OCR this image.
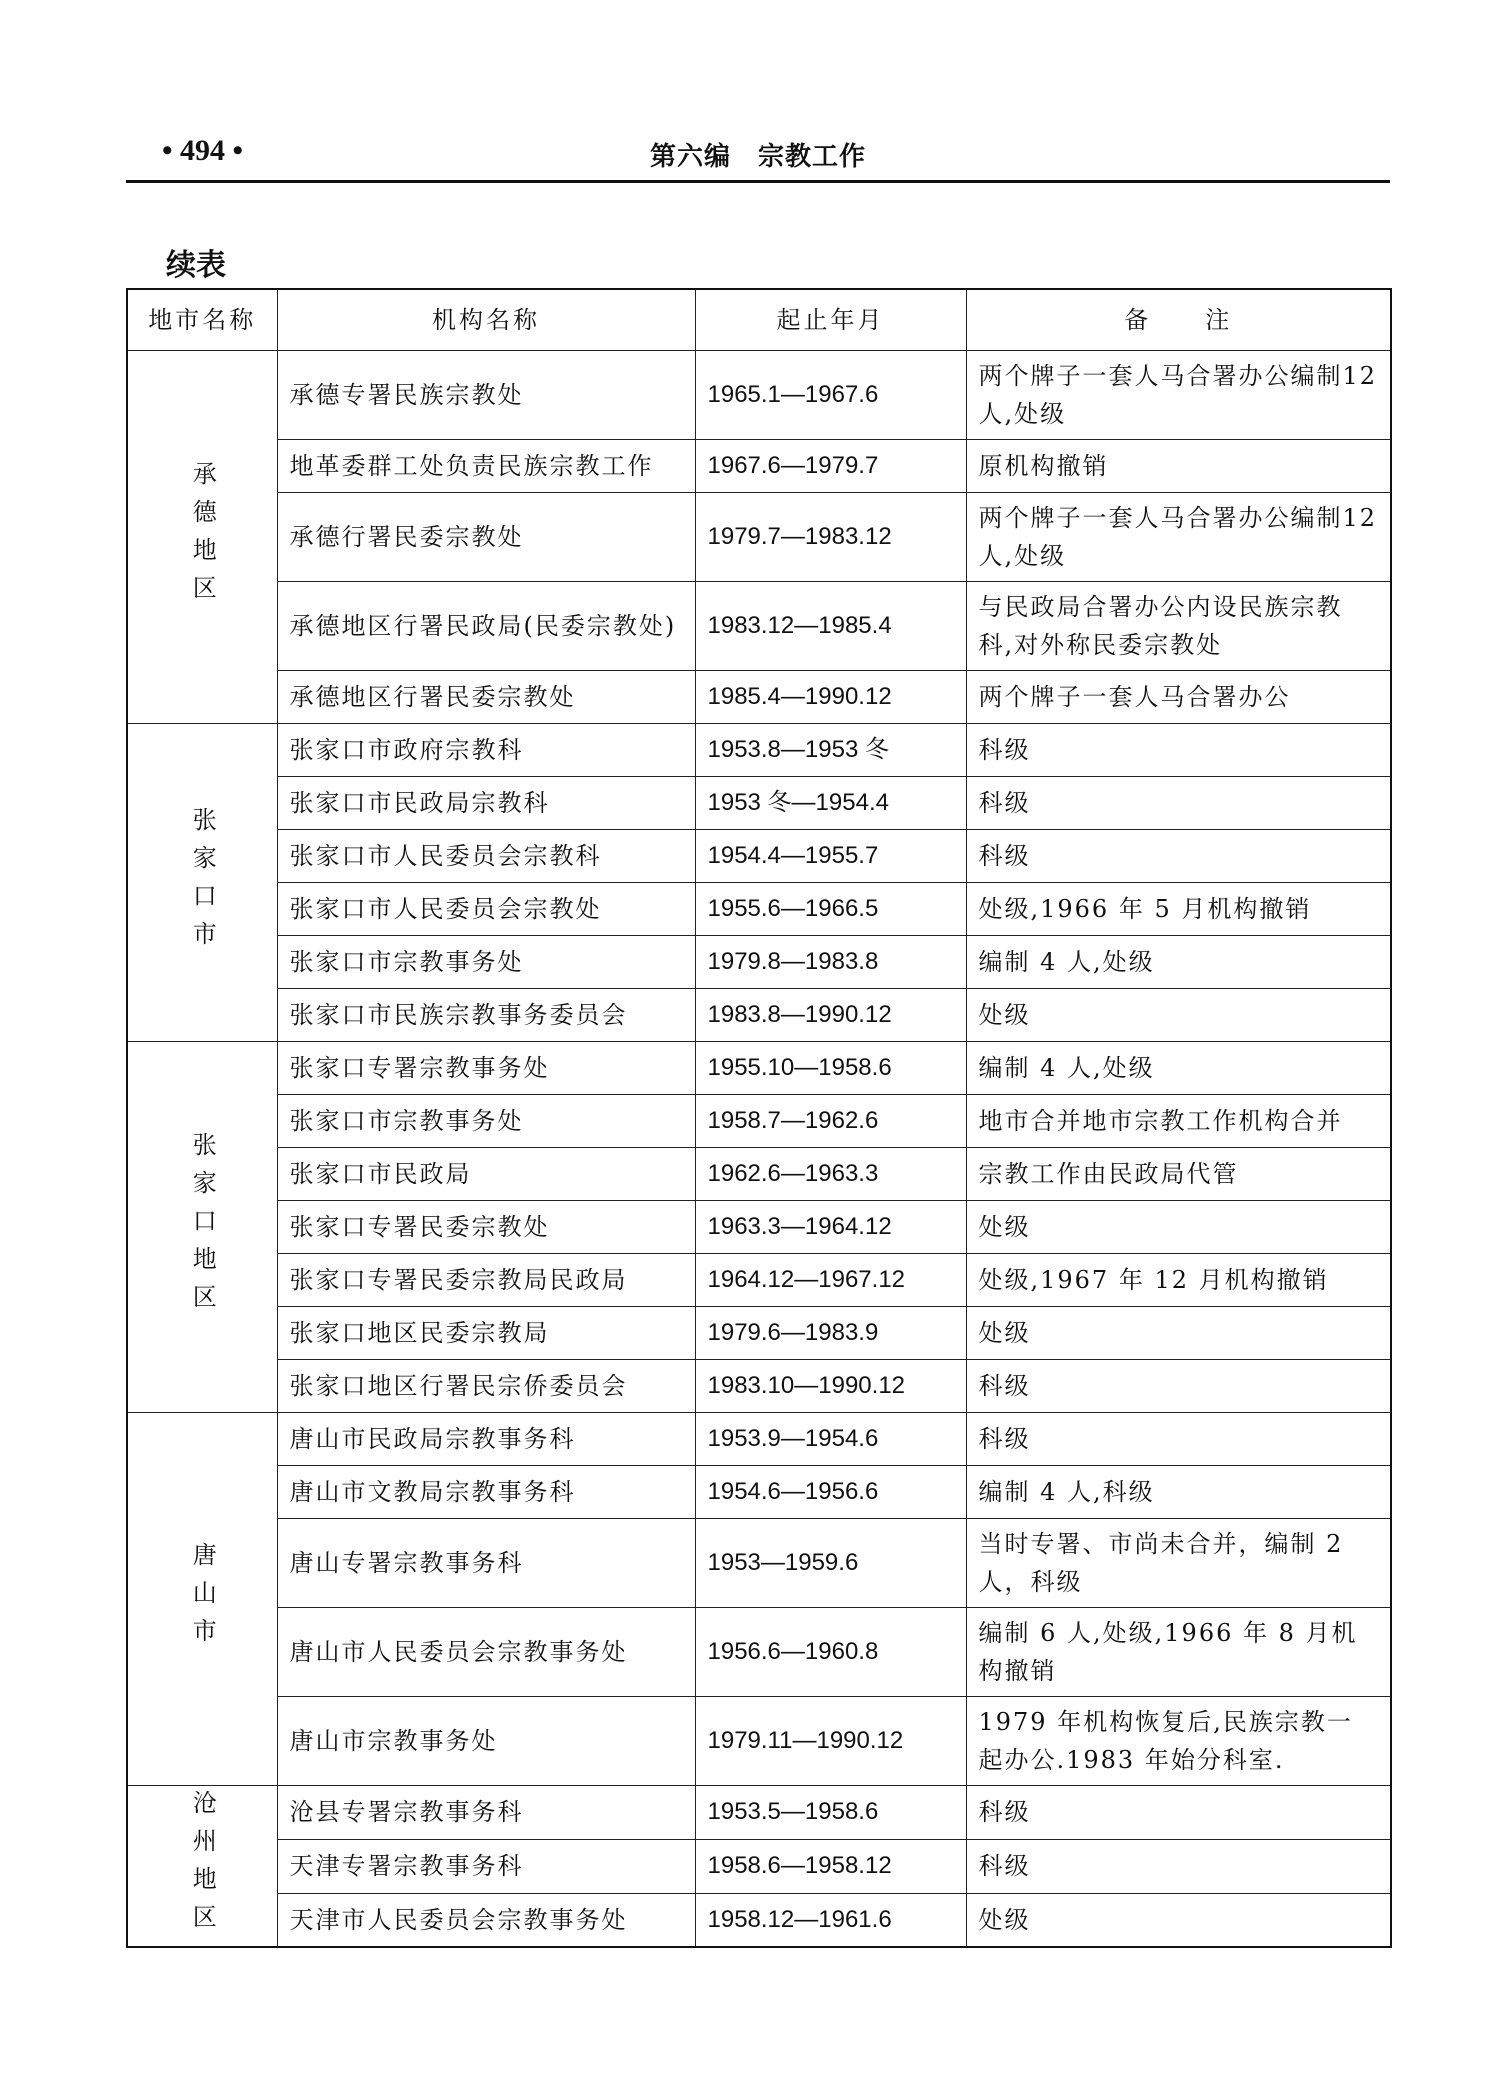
• 494 •	第六编　宗教工作
续表
地市名称	机构名称	起止年月	备　　注
承德地区	承德专署民族宗教处	1965.1—1967.6	两个牌子一套人马合署办公编制12人,处级
	地革委群工处负责民族宗教工作	1967.6—1979.7	原机构撤销
	承德行署民委宗教处	1979.7—1983.12	两个牌子一套人马合署办公编制12人,处级
	承德地区行署民政局(民委宗教处)	1983.12—1985.4	与民政局合署办公内设民族宗教科,对外称民委宗教处
	承德地区行署民委宗教处	1985.4—1990.12	两个牌子一套人马合署办公
张家口市	张家口市政府宗教科	1953.8—1953 冬	科级
	张家口市民政局宗教科	1953 冬—1954.4	科级
	张家口市人民委员会宗教科	1954.4—1955.7	科级
	张家口市人民委员会宗教处	1955.6—1966.5	处级,1966 年 5 月机构撤销
	张家口市宗教事务处	1979.8—1983.8	编制 4 人,处级
	张家口市民族宗教事务委员会	1983.8—1990.12	处级
张家口地区	张家口专署宗教事务处	1955.10—1958.6	编制 4 人,处级
	张家口市宗教事务处	1958.7—1962.6	地市合并地市宗教工作机构合并
	张家口市民政局	1962.6—1963.3	宗教工作由民政局代管
	张家口专署民委宗教处	1963.3—1964.12	处级
	张家口专署民委宗教局民政局	1964.12—1967.12	处级,1967 年 12 月机构撤销
	张家口地区民委宗教局	1979.6—1983.9	处级
	张家口地区行署民宗侨委员会	1983.10—1990.12	科级
唐山市	唐山市民政局宗教事务科	1953.9—1954.6	科级
	唐山市文教局宗教事务科	1954.6—1956.6	编制 4 人,科级
	唐山专署宗教事务科	1953—1959.6	当时专署、市尚未合并，编制 2 人，科级
	唐山市人民委员会宗教事务处	1956.6—1960.8	编制 6 人,处级,1966 年 8 月机构撤销
	唐山市宗教事务处	1979.11—1990.12	1979 年机构恢复后,民族宗教一起办公.1983 年始分科室.
沧州地区	沧县专署宗教事务科	1953.5—1958.6	科级
	天津专署宗教事务科	1958.6—1958.12	科级
	天津市人民委员会宗教事务处	1958.12—1961.6	处级
